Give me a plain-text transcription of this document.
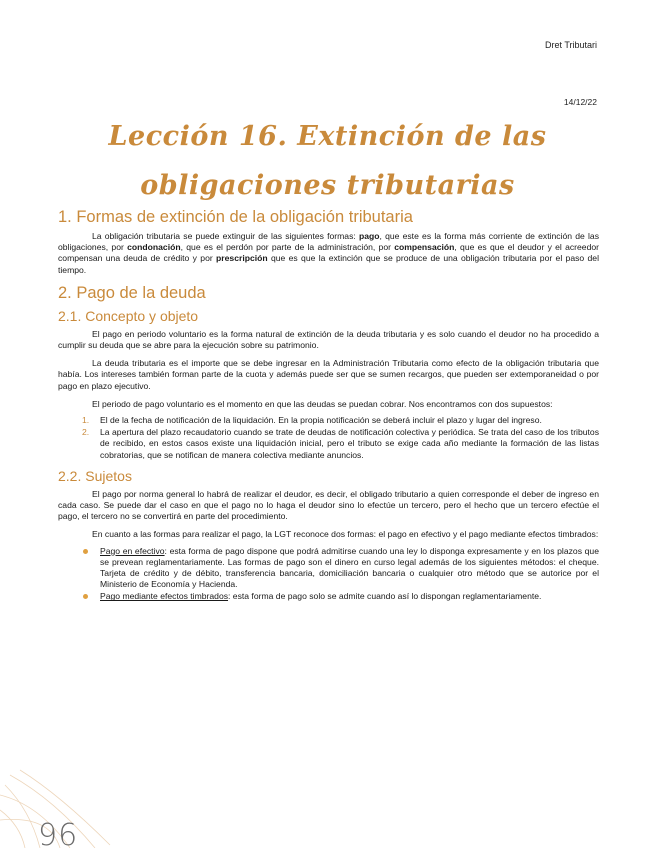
Dret Tributari
14/12/22
Lección 16. Extinción de las obligaciones tributarias
1. Formas de extinción de la obligación tributaria

La obligación tributaria se puede extinguir de las siguientes formas: pago, que este es la forma más corriente de extinción de las obligaciones, por condonación, que es el perdón por parte de la administración, por compensación, que es que el deudor y el acreedor compensan una deuda de crédito y por prescripción que es que la extinción que se produce de una obligación tributaria por el paso del tiempo.

2. Pago de la deuda
2.1. Concepto y objeto

El pago en periodo voluntario es la forma natural de extinción de la deuda tributaria y es solo cuando el deudor no ha procedido a cumplir su deuda que se abre para la ejecución sobre su patrimonio.

La deuda tributaria es el importe que se debe ingresar en la Administración Tributaria como efecto de la obligación tributaria que había. Los intereses también forman parte de la cuota y además puede ser que se sumen recargos, que pueden ser extemporaneidad o por pago en plazo ejecutivo.

El periodo de pago voluntario es el momento en que las deudas se puedan cobrar. Nos encontramos con dos supuestos:

1. El de la fecha de notificación de la liquidación. En la propia notificación se deberá incluir el plazo y lugar del ingreso.
2. La apertura del plazo recaudatorio cuando se trate de deudas de notificación colectiva y periódica. Se trata del caso de los tributos de recibido, en estos casos existe una liquidación inicial, pero el tributo se exige cada año mediante la formación de las listas cobratorias, que se notifican de manera colectiva mediante anuncios.
2.2. Sujetos

El pago por norma general lo habrá de realizar el deudor, es decir, el obligado tributario a quien corresponde el deber de ingreso en cada caso. Se puede dar el caso en que el pago no lo haga el deudor sino lo efectúe un tercero, pero el hecho que un tercero efectúe el pago, el tercero no se convertirá en parte del procedimiento.

En cuanto a las formas para realizar el pago, la LGT reconoce dos formas: el pago en efectivo y el pago mediante efectos timbrados:

Pago en efectivo: esta forma de pago dispone que podrá admitirse cuando una ley lo disponga expresamente y en los plazos que se prevean reglamentariamente. Las formas de pago son el dinero en curso legal además de los siguientes métodos: el cheque. Tarjeta de crédito y de débito, transferencia bancaria, domiciliación bancaria o cualquier otro método que se autorice por el Ministerio de Economía y Hacienda.
Pago mediante efectos timbrados: esta forma de pago solo se admite cuando así lo dispongan reglamentariamente.
96
